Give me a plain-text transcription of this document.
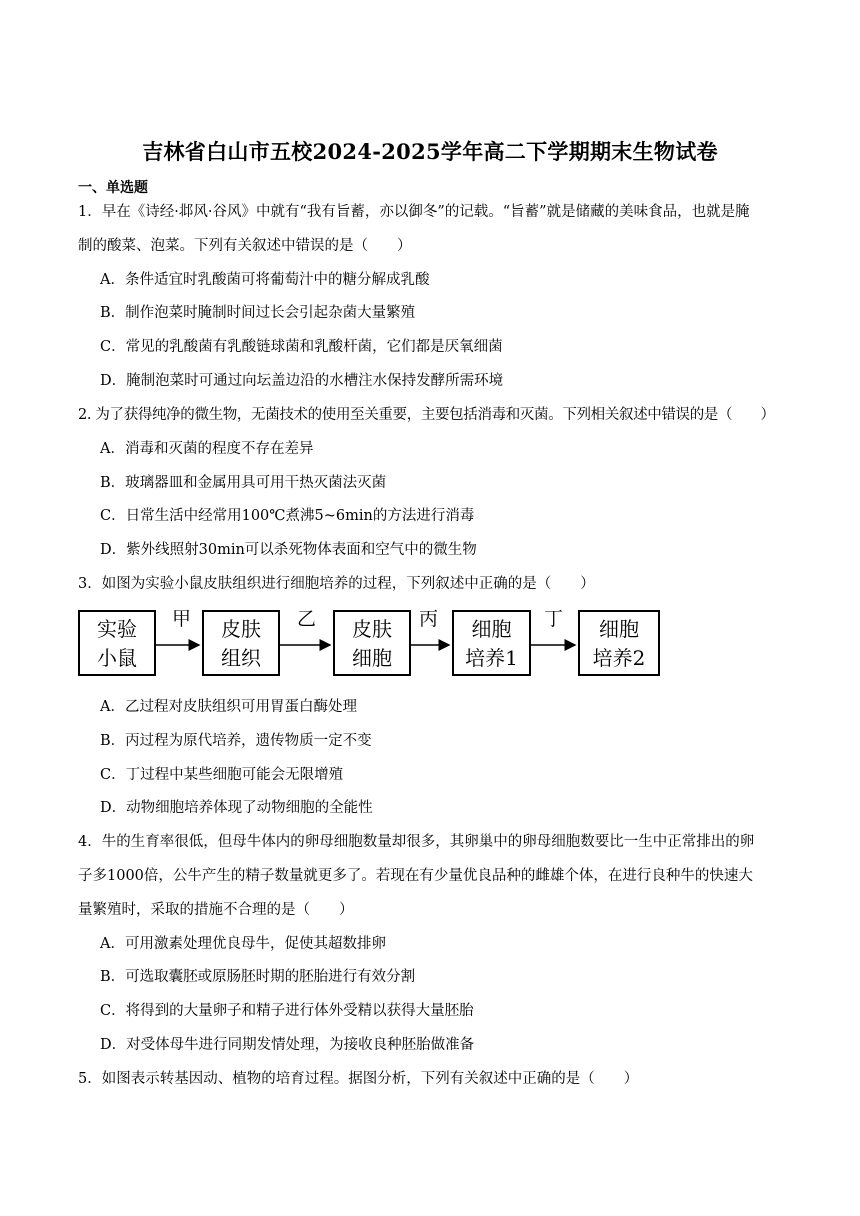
吉林省白山市五校2024-2025学年高二下学期期末生物试卷
一、单选题
1．早在《诗经·邶风·谷风》中就有“我有旨蓄，亦以御冬”的记载。“旨蓄”就是储藏的美味食品，也就是腌
制的酸菜、泡菜。下列有关叙述中错误的是（　　）
A．条件适宜时乳酸菌可将葡萄汁中的糖分解成乳酸
B．制作泡菜时腌制时间过长会引起杂菌大量繁殖
C．常见的乳酸菌有乳酸链球菌和乳酸杆菌，它们都是厌氧细菌
D．腌制泡菜时可通过向坛盖边沿的水槽注水保持发酵所需环境
2. 为了获得纯净的微生物，无菌技术的使用至关重要，主要包括消毒和灭菌。下列相关叙述中错误的是（　　）
A．消毒和灭菌的程度不存在差异
B．玻璃器皿和金属用具可用干热灭菌法灭菌
C．日常生活中经常用100℃煮沸5~6min的方法进行消毒
D．紫外线照射30min可以杀死物体表面和空气中的微生物
3．如图为实验小鼠皮肤组织进行细胞培养的过程，下列叙述中正确的是（　　）
实验
小鼠
皮肤
组织
皮肤
细胞
细胞
培养1
细胞
培养2
甲	乙	丙	丁
A．乙过程对皮肤组织可用胃蛋白酶处理
B．丙过程为原代培养，遗传物质一定不变
C．丁过程中某些细胞可能会无限增殖
D．动物细胞培养体现了动物细胞的全能性
4．牛的生育率很低，但母牛体内的卵母细胞数量却很多，其卵巢中的卵母细胞数要比一生中正常排出的卵
子多1000倍，公牛产生的精子数量就更多了。若现在有少量优良品种的雌雄个体，在进行良种牛的快速大
量繁殖时，采取的措施不合理的是（　　）
A．可用激素处理优良母牛，促使其超数排卵
B．可选取囊胚或原肠胚时期的胚胎进行有效分割
C．将得到的大量卵子和精子进行体外受精以获得大量胚胎
D．对受体母牛进行同期发情处理，为接收良种胚胎做准备
5．如图表示转基因动、植物的培育过程。据图分析，下列有关叙述中正确的是（　　）
